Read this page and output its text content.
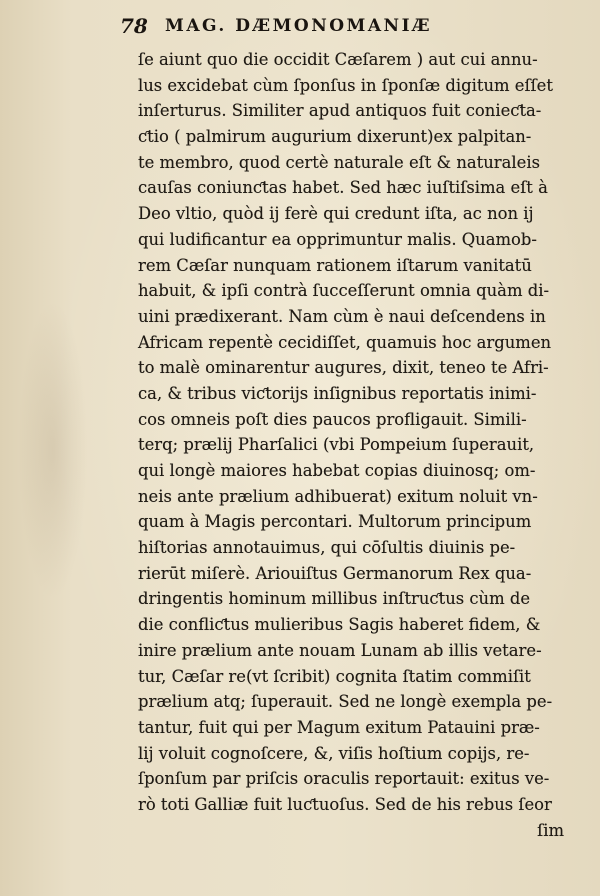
78 MAG. DÆMONOMANIÆ
ſe aiunt quo die occidit Cæſarem ) aut cui annu-
lus excidebat cùm ſponſus in ſponſæ digitum eſſet
inſerturus. Similiter apud antiquos fuit conieƈta-
ƈtio ( palmirum augurium dixerunt)ex palpitan-
te membro, quod certè naturale eſt & naturaleis
cauſas coniunƈtas habet. Sed hæc iuſtiſsima eſt à
Deo vltio, quòd ij ferè qui credunt iſta, ac non ij
qui ludificantur ea opprimuntur malis. Quamob-
rem Cæſar nunquam rationem iſtarum vanitatū
habuit, & ipſi contrà ſucceſſerunt omnia quàm di-
uini prædixerant. Nam cùm è naui deſcendens in
Africam repentè cecidiſſet, quamuis hoc argumen
to malè ominarentur augures, dixit, teneo te Afri-
ca, & tribus viƈtorijs inſignibus reportatis inimi-
cos omneis poſt dies paucos profligauit. Simili-
terq; prælij Pharſalici (vbi Pompeium ſuperauit,
qui longè maiores habebat copias diuinosq; om-
neis ante prælium adhibuerat) exitum noluit vn-
quam à Magis percontari. Multorum principum
hiſtorias annotauimus, qui cōſultis diuinis pe-
rierūt miſerè. Ariouiſtus Germanorum Rex qua-
dringentis hominum millibus inſtruƈtus cùm de
die confliƈtus mulieribus Sagis haberet fidem, &
inire prælium ante nouam Lunam ab illis vetare-
tur, Cæſar re(vt ſcribit) cognita ſtatim commiſit
prælium atq; ſuperauit. Sed ne longè exempla pe-
tantur, fuit qui per Magum exitum Patauini præ-
lij voluit cognoſcere, &, viſis hoſtium copijs, re-
ſponſum par priſcis oraculis reportauit: exitus ve-
rò toti Galliæ fuit luƈtuoſus. Sed de his rebus ſeor
ſim
